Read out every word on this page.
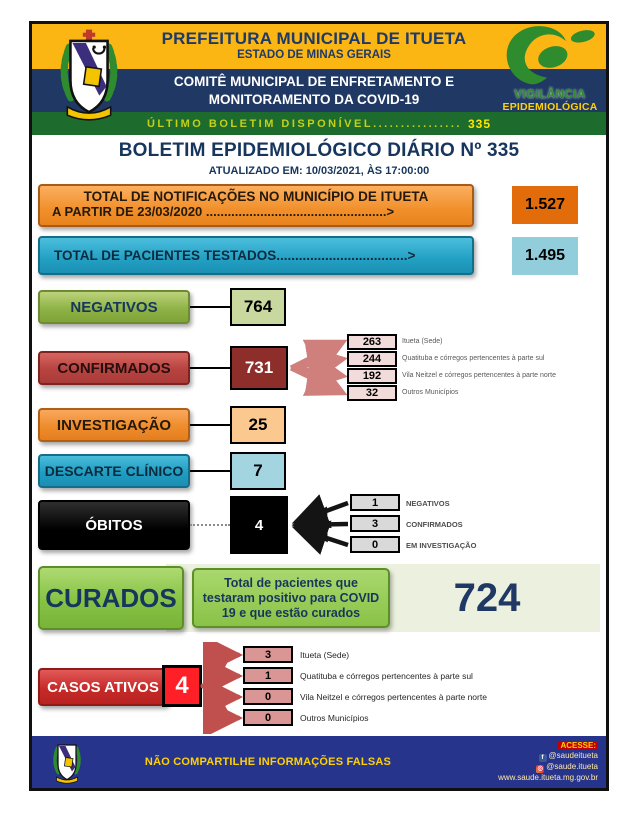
ÚLTIMO BOLETIM DISPONÍVEL ................ 335
PREFEITURA MUNICIPAL DE ITUETA
ESTADO DE MINAS GERAIS
COMITÊ MUNICIPAL DE ENFRETAMENTO E
MONITORAMENTO DA COVID-19	VIGILÂNCIA
EPIDEMIOLÓGICA
BOLETIM EPIDEMIOLÓGICO DIÁRIO Nº 335
ATUALIZADO EM: 10/03/2021, ÀS 17:00:00
TOTAL DE NOTIFICAÇÕES NO MUNICÍPIO DE ITUETA
A PARTIR DE 23/03/2020 ..................................................>	1.527
TOTAL DE PACIENTES TESTADOS...................................>	1.495
NEGATIVOS	764
CONFIRMADOS	731
263	Itueta (Sede)
244	Quatituba e córregos pertencentes à parte sul
192	Vila Neitzel e córregos pertencentes à parte norte
32	Outros Municípios
INVESTIGAÇÃO	25
DESCARTE CLÍNICO	7
ÓBITOS	4
1	NEGATIVOS
3	CONFIRMADOS
0	EM INVESTIGAÇÃO
CURADOS	Total de pacientes que testaram positivo para COVID 19 e que estão curados	724
CASOS ATIVOS 4
3	Itueta (Sede)
1	Quatituba e córregos pertencentes à parte sul
0	Vila Neitzel e córregos pertencentes à parte norte
0	Outros Municípios
NÃO COMPARTILHE INFORMAÇÕES FALSAS
ACESSE:
f @saudeitueta
◎ @saude.itueta
www.saude.itueta.mg.gov.br
